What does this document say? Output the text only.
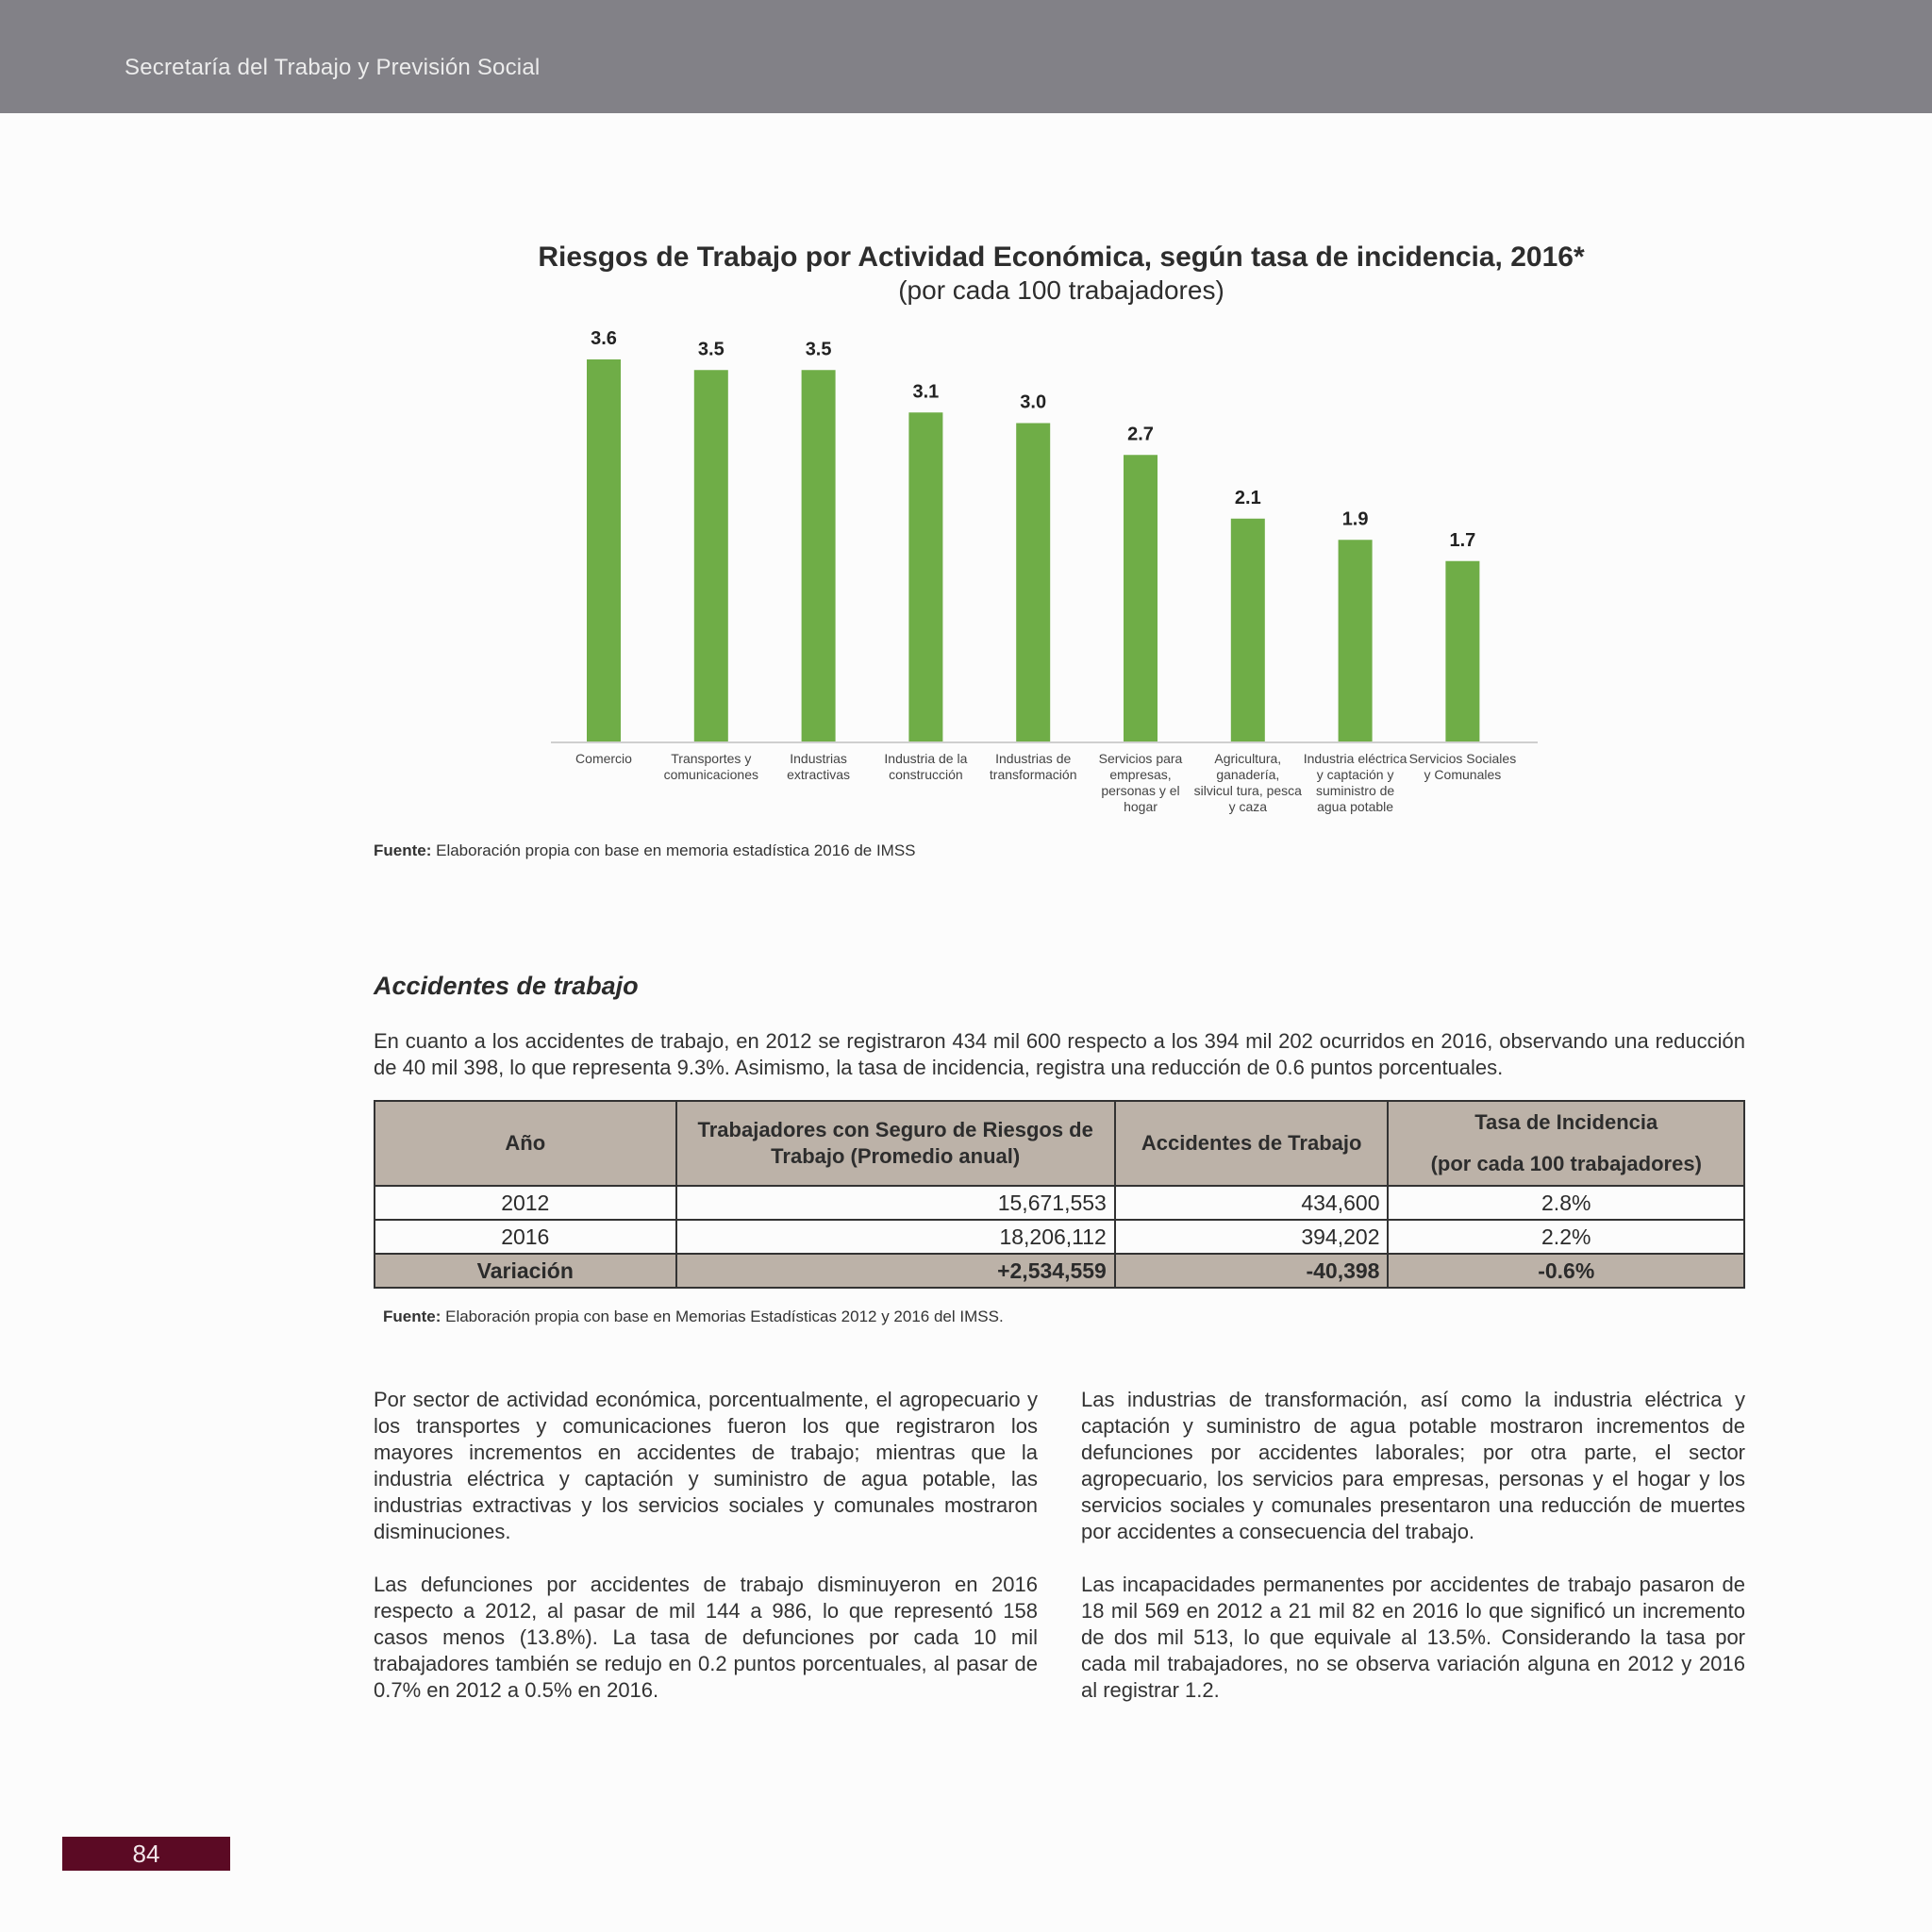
Secretaría del Trabajo y Previsión Social
Riesgos de Trabajo por Actividad Económica, según tasa de incidencia, 2016*
(por cada 100 trabajadores)
3.6
Comercio
3.5
Transportes y comunicaciones
3.5
Industrias extractivas
3.1
Industria de la construcción
3.0
Industrias de transformación
2.7
Servicios para empresas, personas y el hogar
2.1
Agricultura, ganadería, silvicul tura, pesca y caza
1.9
Industria eléctrica y captación y suministro de agua potable
1.7
Servicios Sociales y Comunales
Fuente: Elaboración propia con base en memoria estadística 2016 de IMSS
Accidentes de trabajo
En cuanto a los accidentes de trabajo, en 2012 se registraron 434 mil 600 respecto a los 394 mil 202 ocurridos en 2016, observando una reducción de 40 mil 398, lo que representa 9.3%. Asimismo, la tasa de incidencia, registra una reducción de 0.6 puntos porcentuales.
Año	Trabajadores con Seguro de Riesgos de Trabajo (Promedio anual)	Accidentes de Trabajo	Tasa de Incidencia
(por cada 100 trabajadores)

2012	15,671,553	434,600	2.8%
2016	18,206,112	394,202	2.2%
Variación	+2,534,559	-40,398	-0.6%
Fuente: Elaboración propia con base en Memorias Estadísticas 2012 y 2016 del IMSS.
Por sector de actividad económica, porcentualmente, el agropecuario y los transportes y comunicaciones fueron los que registraron los mayores incrementos en accidentes de trabajo; mientras que la industria eléctrica y captación y suministro de agua potable, las industrias extractivas y los servicios sociales y comunales mostraron disminuciones.
Las defunciones por accidentes de trabajo disminuyeron en 2016 respecto a 2012, al pasar de mil 144 a 986, lo que representó 158 casos menos (13.8%). La tasa de defunciones por cada 10 mil trabajadores también se redujo en 0.2 puntos porcentuales, al pasar de 0.7% en 2012 a 0.5% en 2016.
Las industrias de transformación, así como la industria eléctrica y captación y suministro de agua potable mostraron incrementos de defunciones por accidentes laborales; por otra parte, el sector agropecuario, los servicios para empresas, personas y el hogar y los servicios sociales y comunales presentaron una reducción de muertes por accidentes a consecuencia del trabajo.
Las incapacidades permanentes por accidentes de trabajo pasaron de 18 mil 569 en 2012 a 21 mil 82 en 2016 lo que significó un incremento de dos mil 513, lo que equivale al 13.5%. Considerando la tasa por cada mil trabajadores, no se observa variación alguna en 2012 y 2016 al registrar 1.2.
84
